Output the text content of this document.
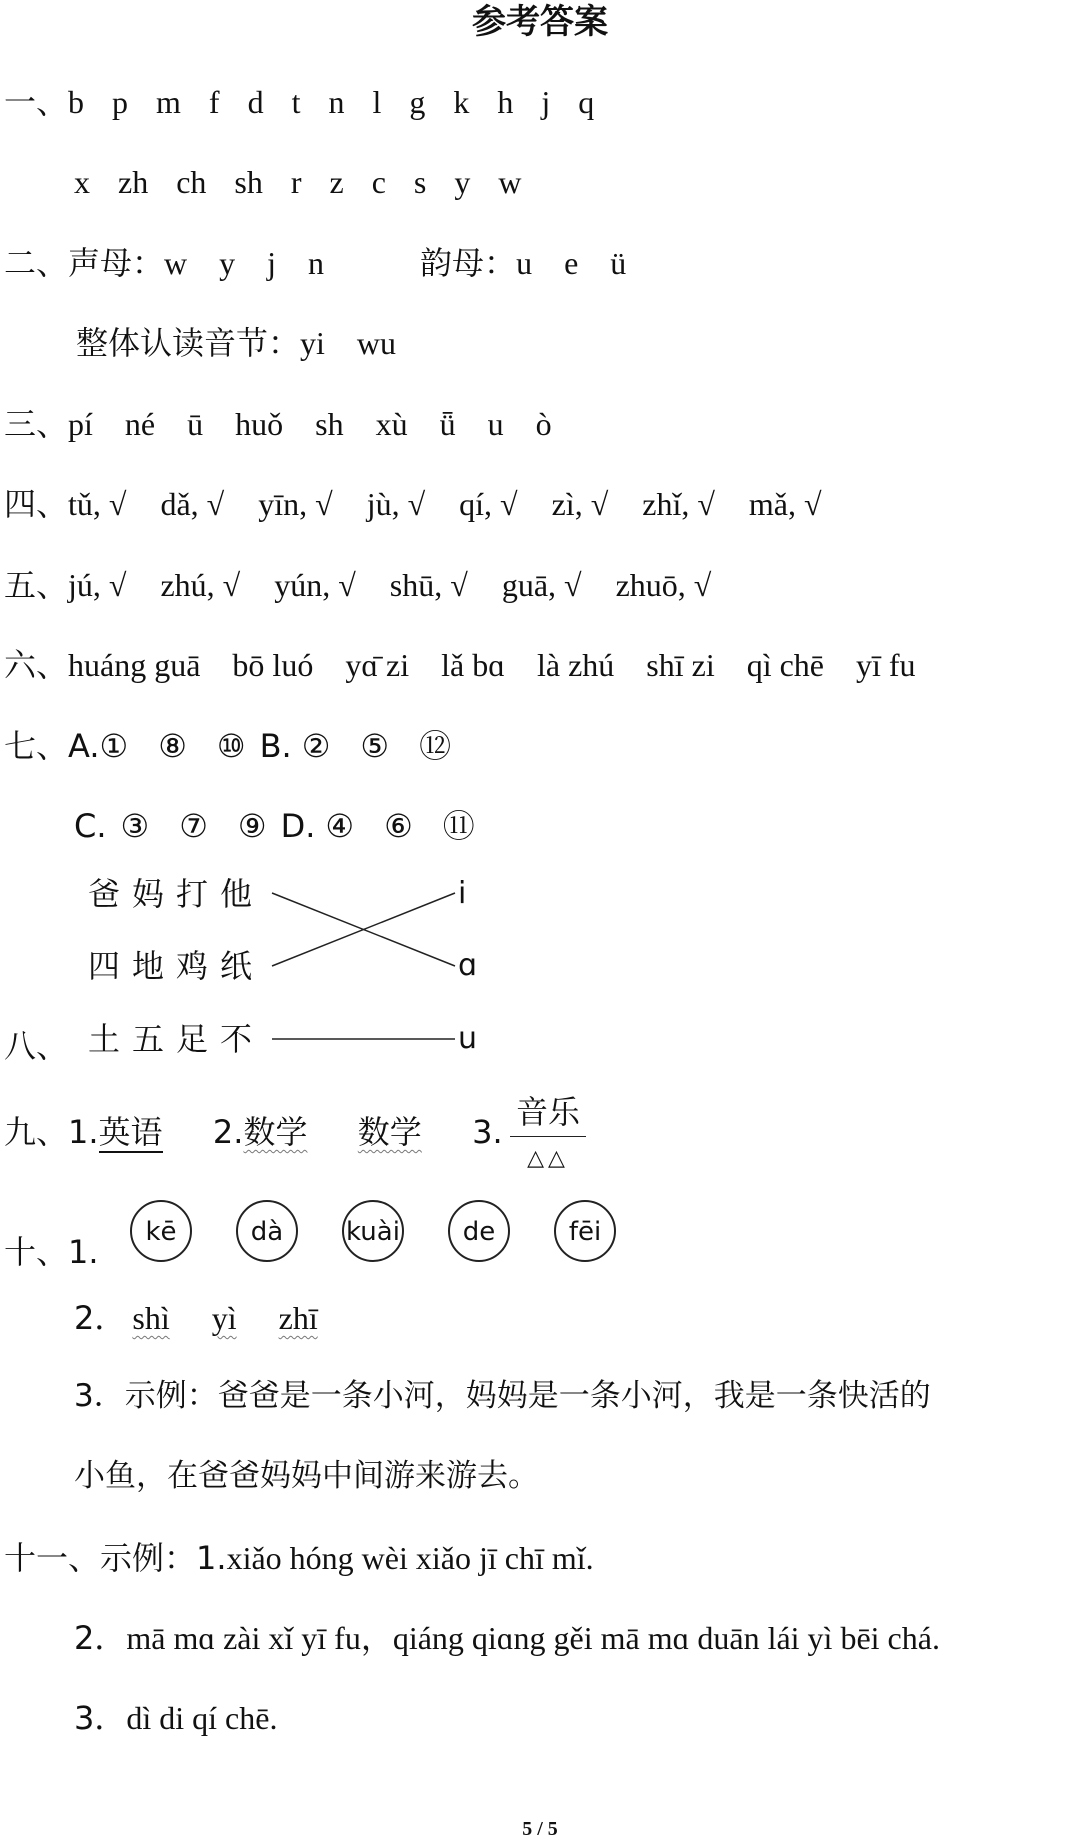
参考答案
一、b p m f d t n l g k h j q
x zh ch sh r z c s y w
二、声母：w　y　j　n	韵母：u　e　ü
整体认读音节：yi　wu
三、pí né ū huǒ sh xù ǖ u ò
四、tǔ, √ dǎ, √ yīn, √ jù, √ qí, √ zì, √ zhǐ, √ mǎ, √
五、jú, √ zhú, √ yún, √ shū, √ guā, √ zhuō, √
六、huáng guā bō luó yɑ̄ zi lǎ bɑ là zhú shī zi qì chē yī fu
七、A.① ⑧ ⑩ B. ② ⑤ ⑫
C. ③ ⑦ ⑨ D. ④ ⑥ ⑪
爸妈打他
四地鸡纸
土五足不
i
ɑ
u
八、
九、1.英语 2.数学 数学 3.
音乐
△△
十、1.
kē	dà	kuài	de	fēi
2． shì yì zhī
3．示例：爸爸是一条小河，妈妈是一条小河，我是一条快活的
小鱼，在爸爸妈妈中间游来游去。
十一、示例：1.xiǎo hóng wèi xiǎo jī chī mǐ.
2．mā mɑ zài xǐ yī fu，qiáng qiɑng gěi mā mɑ duān lái yì bēi chá.
3．dì di qí chē.
5 / 5
